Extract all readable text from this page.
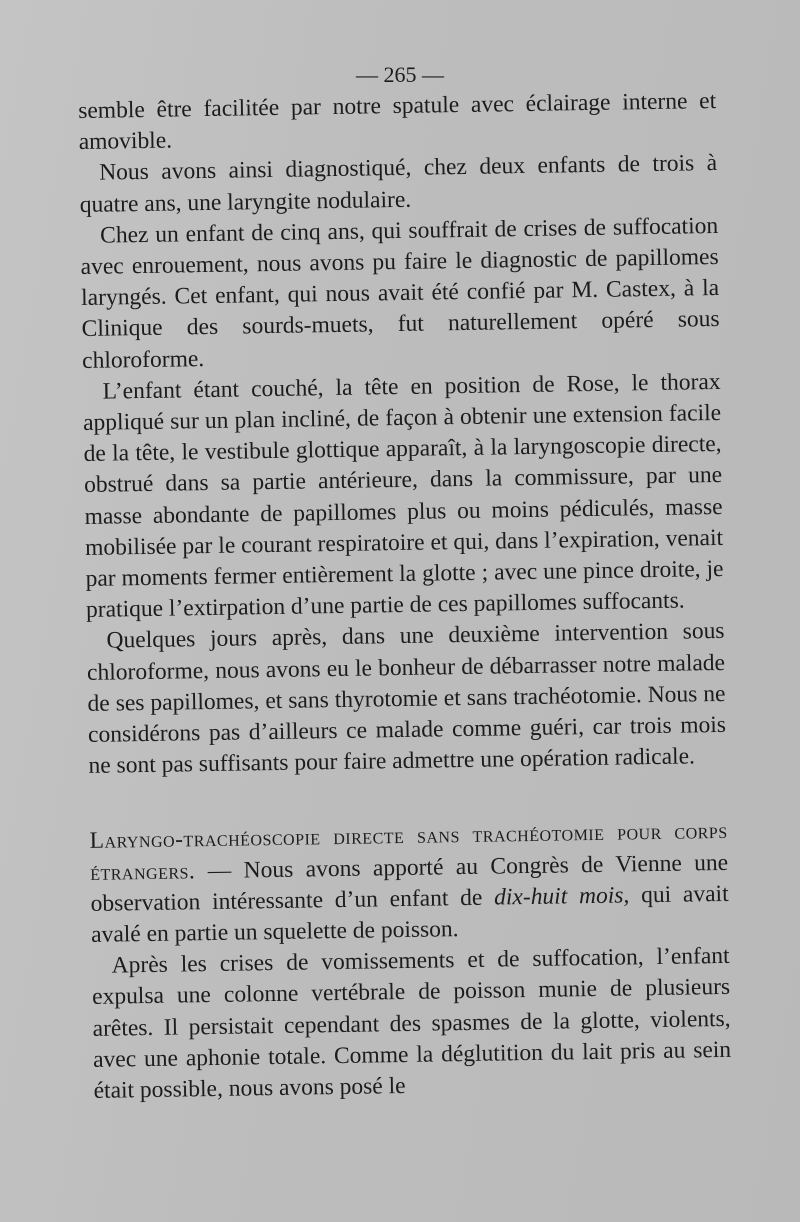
— 265 —

semble être facilitée par notre spatule avec éclairage interne et amovible.

Nous avons ainsi diagnostiqué, chez deux enfants de trois à quatre ans, une laryngite nodulaire.

Chez un enfant de cinq ans, qui souffrait de crises de suffocation avec enrouement, nous avons pu faire le diagnostic de papillomes laryngés. Cet enfant, qui nous avait été confié par M. Castex, à la Clinique des sourds-muets, fut naturellement opéré sous chloroforme.

L’enfant étant couché, la tête en position de Rose, le thorax appliqué sur un plan incliné, de façon à obtenir une extension facile de la tête, le vestibule glottique apparaît, à la laryngoscopie directe, obstrué dans sa partie antérieure, dans la commissure, par une masse abondante de papillomes plus ou moins pédiculés, masse mobilisée par le courant respiratoire et qui, dans l’expiration, venait par moments fermer entièrement la glotte ; avec une pince droite, je pratique l’extirpation d’une partie de ces papillomes suffocants.

Quelques jours après, dans une deuxième intervention sous chloroforme, nous avons eu le bonheur de débarrasser notre malade de ses papillomes, et sans thyrotomie et sans trachéotomie. Nous ne considérons pas d’ailleurs ce malade comme guéri, car trois mois ne sont pas suffisants pour faire admettre une opération radicale.

Laryngo-trachéoscopie directe sans trachéotomie pour corps étrangers. — Nous avons apporté au Congrès de Vienne une observation intéressante d’un enfant de dix-huit mois, qui avait avalé en partie un squelette de poisson.

Après les crises de vomissements et de suffocation, l’enfant expulsa une colonne vertébrale de poisson munie de plusieurs arêtes. Il persistait cependant des spasmes de la glotte, violents, avec une aphonie totale. Comme la déglutition du lait pris au sein était possible, nous avons posé le
